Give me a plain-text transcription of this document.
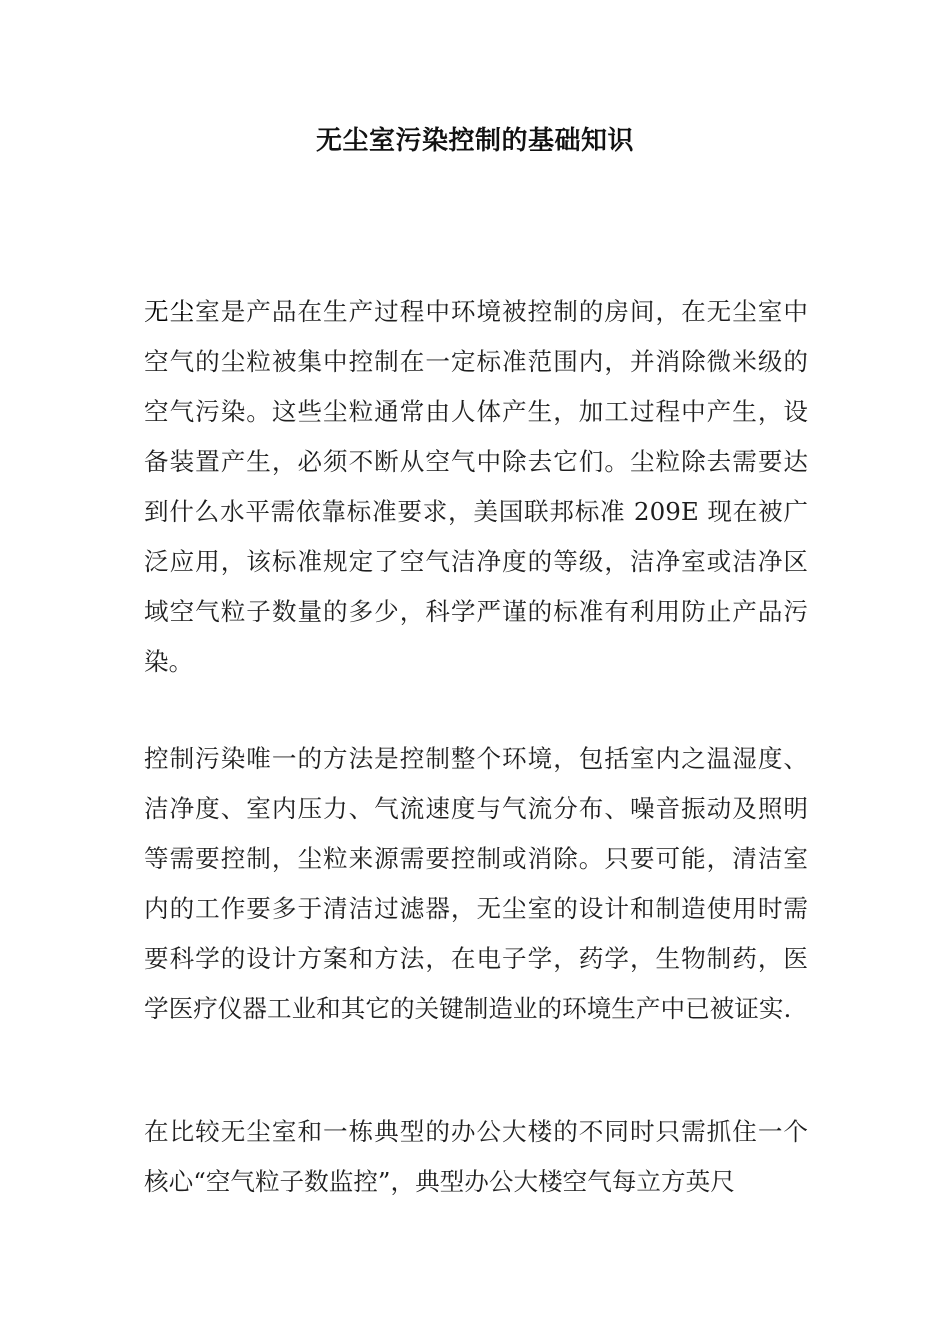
无尘室污染控制的基础知识

无尘室是产品在生产过程中环境被控制的房间，在无尘室中空气的尘粒被集中控制在一定标准范围内，并消除微米级的空气污染。这些尘粒通常由人体产生，加工过程中产生，设备装置产生，必须不断从空气中除去它们。尘粒除去需要达到什么水平需依靠标准要求，美国联邦标准 209E 现在被广泛应用，该标准规定了空气洁净度的等级，洁净室或洁净区域空气粒子数量的多少，科学严谨的标准有利用防止产品污染。

控制污染唯一的方法是控制整个环境，包括室内之温湿度、洁净度、室内压力、气流速度与气流分布、噪音振动及照明等需要控制，尘粒来源需要控制或消除。只要可能，清洁室内的工作要多于清洁过滤器，无尘室的设计和制造使用时需要科学的设计方案和方法，在电子学，药学，生物制药，医学医疗仪器工业和其它的关键制造业的环境生产中已被证实.

在比较无尘室和一栋典型的办公大楼的不同时只需抓住一个核心“空气粒子数监控”，典型办公大楼空气每立方英尺
